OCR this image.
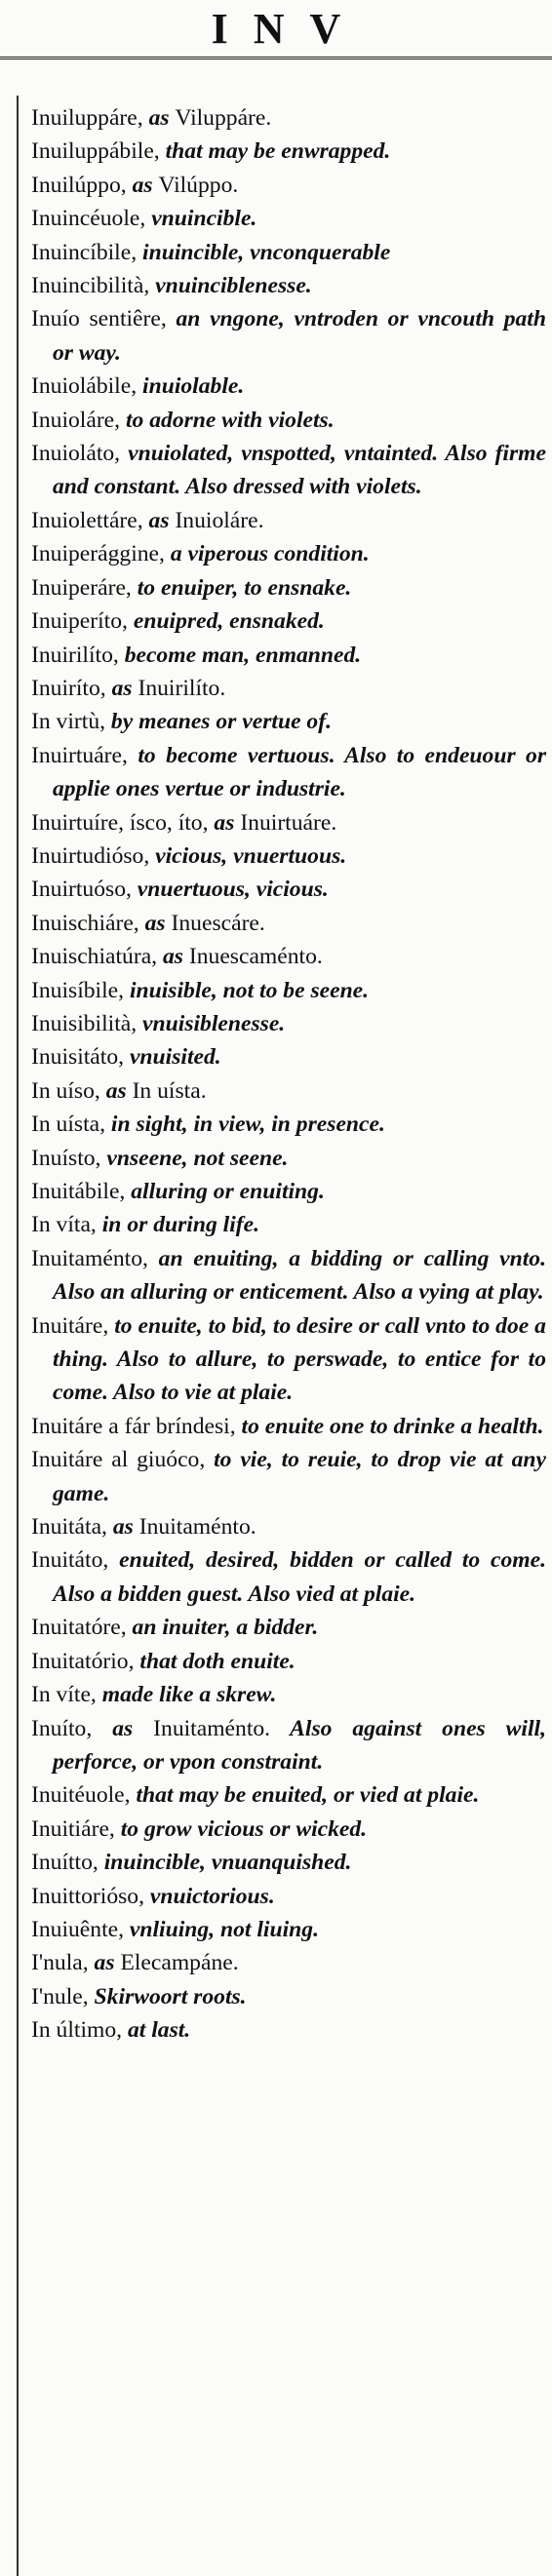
INV
Inuiluppáre, as Viluppáre.
Inuiluppábile, that may be enwrapped.
Inuilúppo, as Vilúppo.
Inuincéuole, vnuincible.
Inuincíbile, inuincible, vnconquerable
Inuincibilità, vnuinciblenesse.
Inuío sentiêre, an vngone, vntroden or vncouth path or way.
Inuiolábile, inuiolable.
Inuioláre, to adorne with violets.
Inuioláto, vnuiolated, vnspotted, vntainted. Also firme and constant. Also dressed with violets.
Inuiolettáre, as Inuioláre.
Inuiperággine, a viperous condition.
Inuiperáre, to enuiper, to ensnake.
Inuiperíto, enuipred, ensnaked.
Inuirilíto, become man, enmanned.
Inuiríto, as Inuirilíto.
In virtù, by meanes or vertue of.
Inuirtuáre, to become vertuous. Also to endeuour or applie ones vertue or industrie.
Inuirtuíre, ísco, íto, as Inuirtuáre.
Inuirtudióso, vicious, vnuertuous.
Inuirtuóso, vnuertuous, vicious.
Inuischiáre, as Inuescáre.
Inuischiatúra, as Inuescaménto.
Inuisíbile, inuisible, not to be seene.
Inuisibilità, vnuisiblenesse.
Inuisitáto, vnuisited.
In uíso, as In uísta.
In uísta, in sight, in view, in presence.
Inuísto, vnseene, not seene.
Inuitábile, alluring or enuiting.
In víta, in or during life.
Inuitaménto, an enuiting, a bidding or calling vnto. Also an alluring or enticement. Also a vying at play.
Inuitáre, to enuite, to bid, to desire or call vnto to doe a thing. Also to allure, to perswade, to entice for to come. Also to vie at plaie.
Inuitáre a fár bríndesi, to enuite one to drinke a health.
Inuitáre al giuóco, to vie, to reuie, to drop vie at any game.
Inuitáta, as Inuitaménto.
Inuitáto, enuited, desired, bidden or called to come. Also a bidden guest. Also vied at plaie.
Inuitatóre, an inuiter, a bidder.
Inuitatório, that doth enuite.
In víte, made like a skrew.
Inuíto, as Inuitaménto. Also against ones will, perforce, or vpon constraint.
Inuitéuole, that may be enuited, or vied at plaie.
Inuitiáre, to grow vicious or wicked.
Inuítto, inuincible, vnuanquished.
Inuittorióso, vnuictorious.
Inuiuênte, vnliuing, not liuing.
I'nula, as Elecampáne.
I'nule, Skirwoort roots.
In último, at last.
